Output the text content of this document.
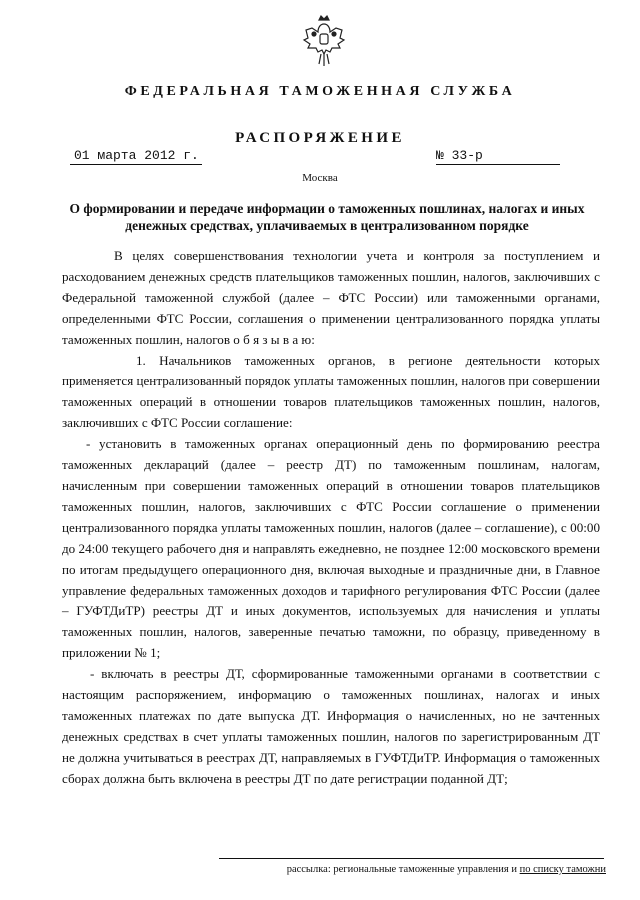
ФЕДЕРАЛЬНАЯ ТАМОЖЕННАЯ СЛУЖБА
РАСПОРЯЖЕНИЕ
01 марта 2012 г.	№ 33-р
Москва
О формировании и передаче информации о таможенных пошлинах, налогах и иных денежных средствах, уплачиваемых в централизованном порядке

В целях совершенствования технологии учета и контроля за поступлением и расходованием денежных средств плательщиков таможенных пошлин, налогов, заключивших с Федеральной таможенной службой (далее – ФТС России) или таможенными органами, определенными ФТС России, соглашения о применении централизованного порядка уплаты таможенных пошлин, налогов о б я з ы в а ю:

1. Начальников таможенных органов, в регионе деятельности которых применяется централизованный порядок уплаты таможенных пошлин, налогов при совершении таможенных операций в отношении товаров плательщиков таможенных пошлин, налогов, заключивших с ФТС России соглашение:

- установить в таможенных органах операционный день по формированию реестра таможенных деклараций (далее – реестр ДТ) по таможенным пошлинам, налогам, начисленным при совершении таможенных операций в отношении товаров плательщиков таможенных пошлин, налогов, заключивших с ФТС России соглашение о применении централизованного порядка уплаты таможенных пошлин, налогов (далее – соглашение), с 00:00 до 24:00 текущего рабочего дня и направлять ежедневно, не позднее 12:00 московского времени по итогам предыдущего операционного дня, включая выходные и праздничные дни, в Главное управление федеральных таможенных доходов и тарифного регулирования ФТС России (далее – ГУФТДиТР) реестры ДТ и иных документов, используемых для начисления и уплаты таможенных пошлин, налогов, заверенные печатью таможни, по образцу, приведенному в приложении № 1;

- включать в реестры ДТ, сформированные таможенными органами в соответствии с настоящим распоряжением, информацию о таможенных пошлинах, налогах и иных таможенных платежах по дате выпуска ДТ. Информация о начисленных, но не зачтенных денежных средствах в счет уплаты таможенных пошлин, налогов по зарегистрированным ДТ не должна учитываться в реестрах ДТ, направляемых в ГУФТДиТР. Информация о таможенных сборах должна быть включена в реестры ДТ по дате регистрации поданной ДТ;

рассылка: региональные таможенные управления и по списку таможни
